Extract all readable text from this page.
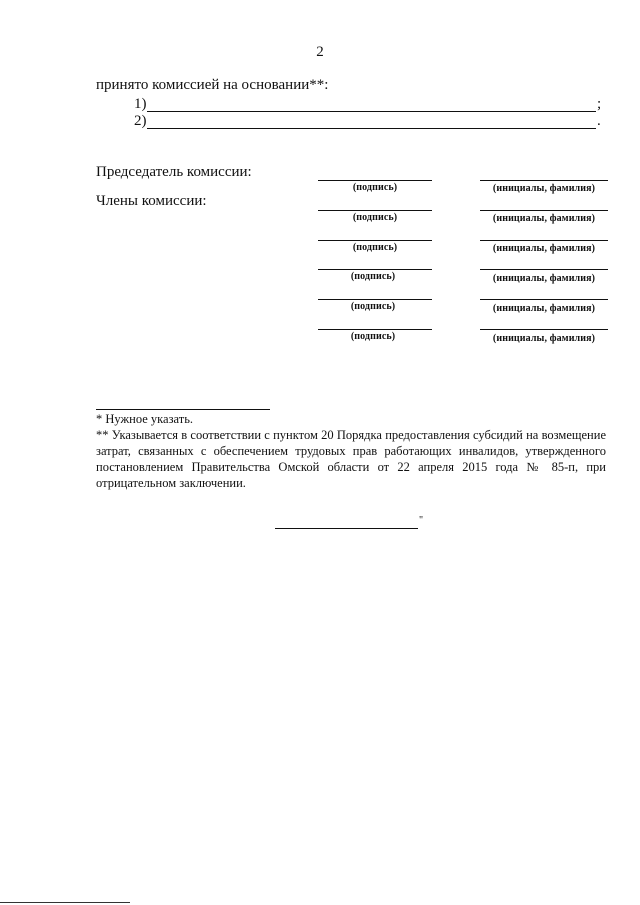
2
принято комиссией на основании**:
1)	;
2)	.
Председатель комиссии:
Члены комиссии:
(подпись)	(инициалы, фамилия)
(подпись)	(инициалы, фамилия)
(подпись)	(инициалы, фамилия)
(подпись)	(инициалы, фамилия)
(подпись)	(инициалы, фамилия)
(подпись)	(инициалы, фамилия)
* Нужное указать.
** Указывается в соответствии с пунктом 20 Порядка предоставления субсидий на возмещение затрат, связанных с обеспечением трудовых прав работающих инвалидов, утвержденного постановлением Правительства Омской области от 22 апреля 2015 года № 85-п, при отрицательном заключении.
"
